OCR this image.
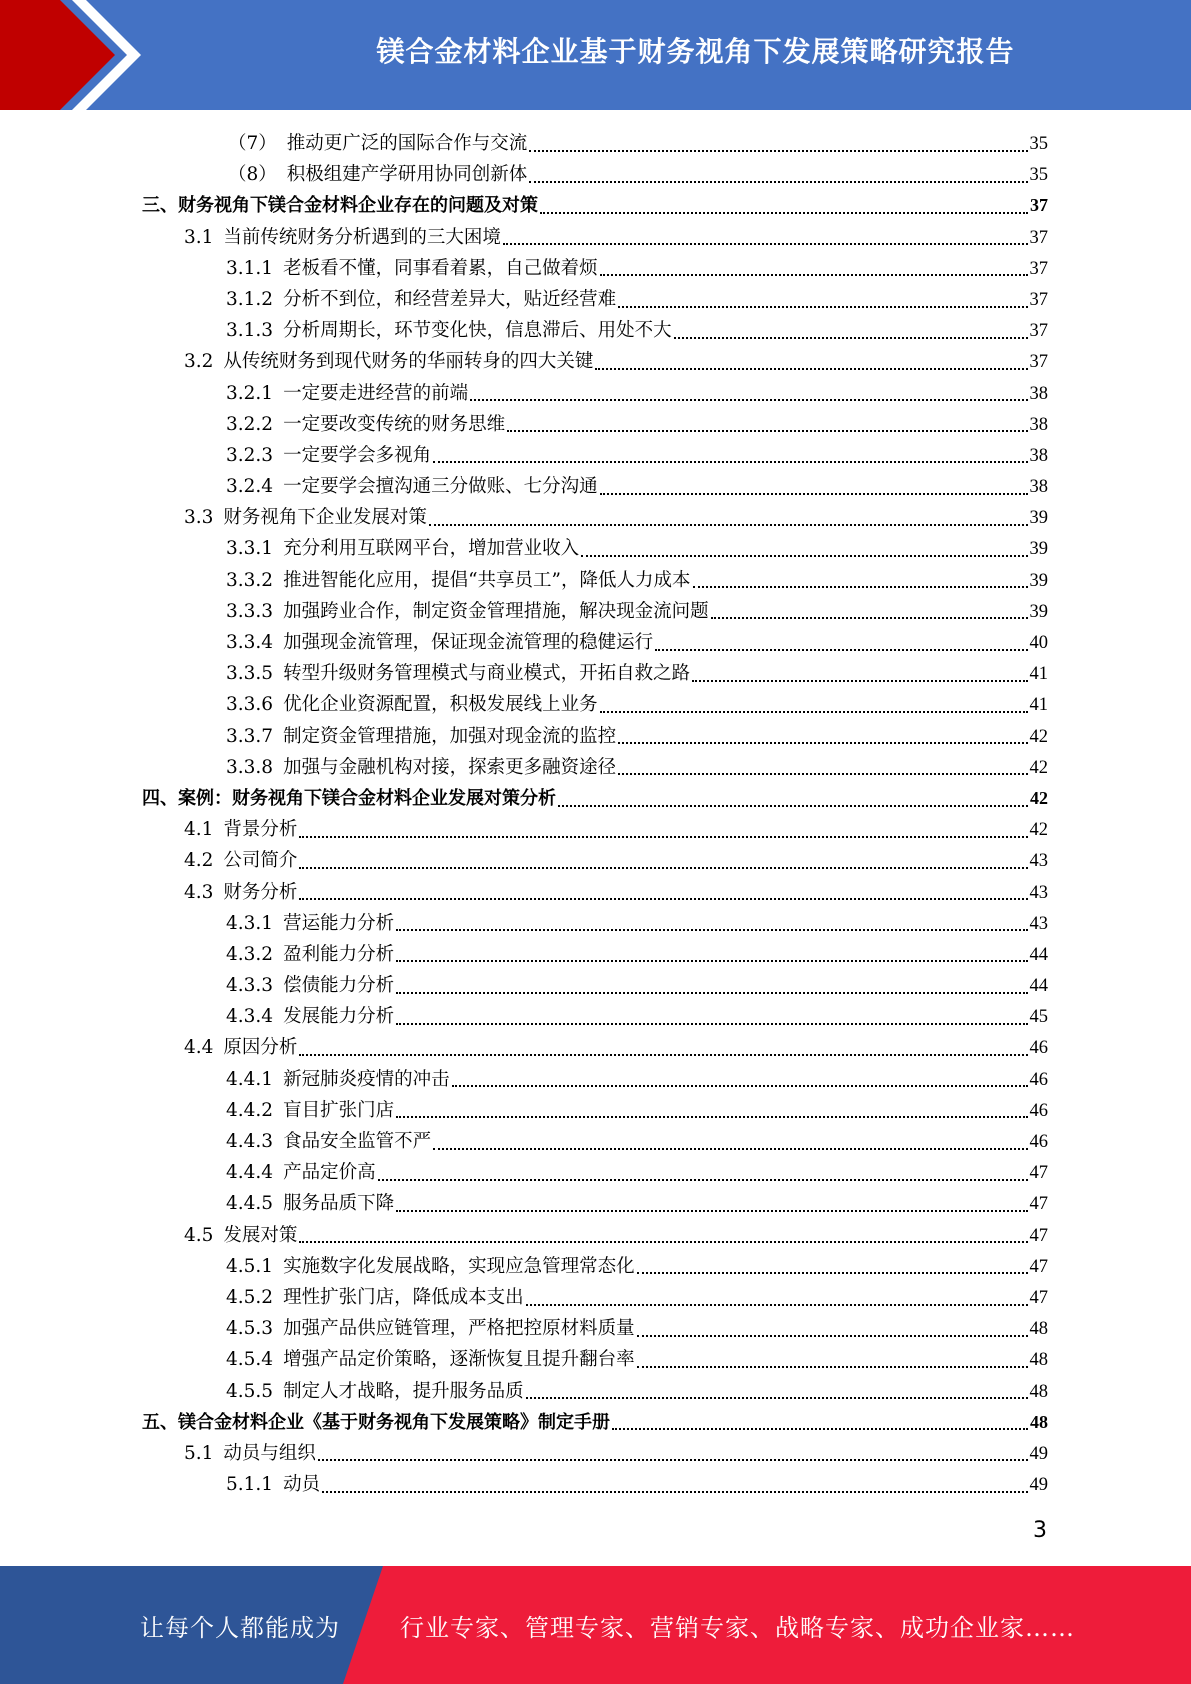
镁合金材料企业基于财务视角下发展策略研究报告
（7） 推动更广泛的国际合作与交流	35
（8） 积极组建产学研用协同创新体	35
三、财务视角下镁合金材料企业存在的问题及对策	37
3.1 当前传统财务分析遇到的三大困境	37
3.1.1 老板看不懂，同事看着累，自己做着烦	37
3.1.2 分析不到位，和经营差异大，贴近经营难	37
3.1.3 分析周期长，环节变化快，信息滞后、用处不大	37
3.2 从传统财务到现代财务的华丽转身的四大关键	37
3.2.1 一定要走进经营的前端	38
3.2.2 一定要改变传统的财务思维	38
3.2.3 一定要学会多视角	38
3.2.4 一定要学会擅沟通三分做账、七分沟通	38
3.3 财务视角下企业发展对策	39
3.3.1 充分利用互联网平台，增加营业收入	39
3.3.2 推进智能化应用，提倡“共享员工”，降低人力成本	39
3.3.3 加强跨业合作，制定资金管理措施，解决现金流问题	39
3.3.4 加强现金流管理，保证现金流管理的稳健运行	40
3.3.5 转型升级财务管理模式与商业模式，开拓自救之路	41
3.3.6 优化企业资源配置，积极发展线上业务	41
3.3.7 制定资金管理措施，加强对现金流的监控	42
3.3.8 加强与金融机构对接，探索更多融资途径	42
四、案例：财务视角下镁合金材料企业发展对策分析	42
4.1 背景分析	42
4.2 公司简介	43
4.3 财务分析	43
4.3.1 营运能力分析	43
4.3.2 盈利能力分析	44
4.3.3 偿债能力分析	44
4.3.4 发展能力分析	45
4.4 原因分析	46
4.4.1 新冠肺炎疫情的冲击	46
4.4.2 盲目扩张门店	46
4.4.3 食品安全监管不严	46
4.4.4 产品定价高	47
4.4.5 服务品质下降	47
4.5 发展对策	47
4.5.1 实施数字化发展战略，实现应急管理常态化	47
4.5.2 理性扩张门店，降低成本支出	47
4.5.3 加强产品供应链管理，严格把控原材料质量	48
4.5.4 增强产品定价策略，逐渐恢复且提升翻台率	48
4.5.5 制定人才战略，提升服务品质	48
五、镁合金材料企业《基于财务视角下发展策略》制定手册	48
5.1 动员与组织	49
5.1.1 动员	49
3
让每个人都能成为	行业专家、管理专家、营销专家、战略专家、成功企业家……
